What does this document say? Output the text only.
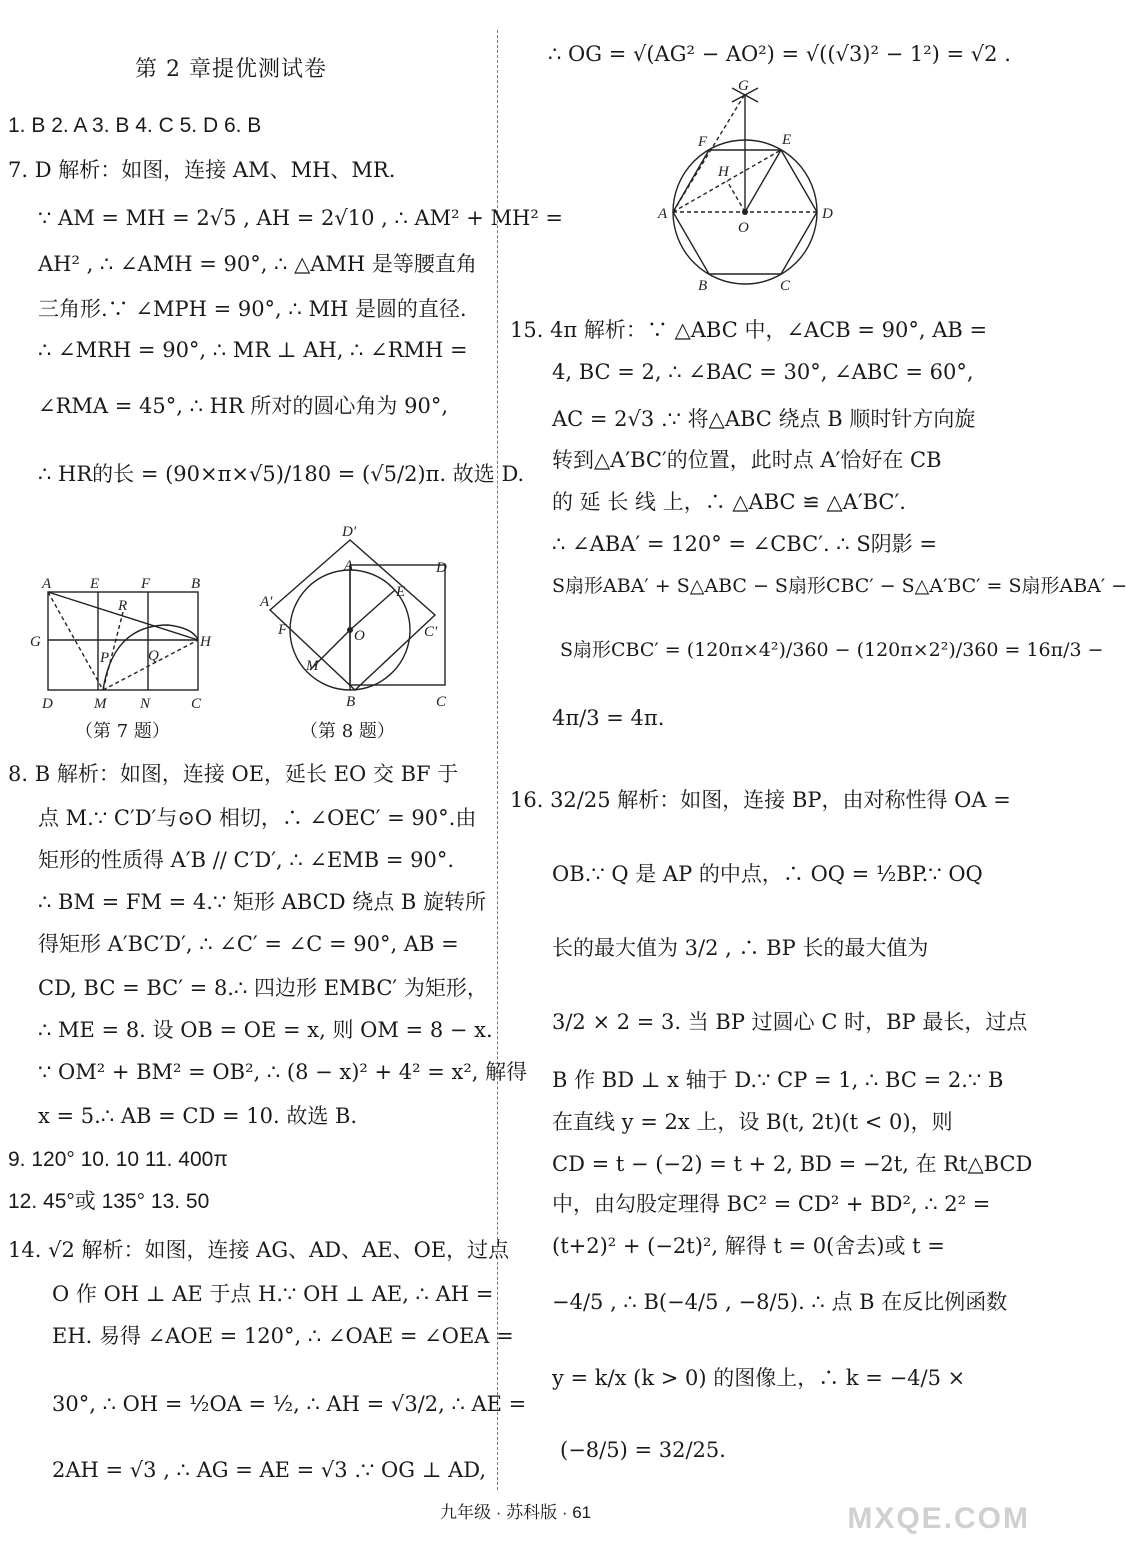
第 2 章提优测试卷
1. B 2. A 3. B 4. C 5. D 6. B
7. D 解析：如图，连接 AM、MH、MR.
∵ AM = MH = 2√5 , AH = 2√10 , ∴ AM² + MH² =
AH² , ∴ ∠AMH = 90°, ∴ △AMH 是等腰直角
三角形.∵ ∠MPH = 90°, ∴ MH 是圆的直径.
∴ ∠MRH = 90°, ∴ MR ⊥ AH, ∴ ∠RMH =
∠RMA = 45°, ∴ HR 所对的圆心角为 90°,
∴ HR的长 = (90×π×√5)/180 = (√5/2)π. 故选 D.
A	E	F	B
R
G	H
P	Q
D	M N	C
D′
A	D
A′
E
F	O	C′
M
B	C
（第 7 题）	（第 8 题）
8. B 解析：如图，连接 OE，延长 EO 交 BF 于
点 M.∵ C′D′与⊙O 相切，∴ ∠OEC′ = 90°.由
矩形的性质得 A′B // C′D′, ∴ ∠EMB = 90°.
∴ BM = FM = 4.∵ 矩形 ABCD 绕点 B 旋转所
得矩形 A′BC′D′, ∴ ∠C′ = ∠C = 90°, AB =
CD, BC = BC′ = 8.∴ 四边形 EMBC′ 为矩形，
∴ ME = 8. 设 OB = OE = x, 则 OM = 8 − x.
∵ OM² + BM² = OB², ∴ (8 − x)² + 4² = x², 解得
x = 5.∴ AB = CD = 10. 故选 B.
9. 120° 10. 10 11. 400π
12. 45°或 135° 13. 50
14. √2 解析：如图，连接 AG、AD、AE、OE，过点
O 作 OH ⊥ AE 于点 H.∵ OH ⊥ AE, ∴ AH =
EH. 易得 ∠AOE = 120°, ∴ ∠OAE = ∠OEA =
30°, ∴ OH = ½OA = ½, ∴ AH = √3/2, ∴ AE =
2AH = √3 , ∴ AG = AE = √3 .∵ OG ⊥ AD,
∴ OG = √(AG² − AO²) = √((√3)² − 1²) = √2 .
G
F	E
H
A
O
D
B	C
15. 4π 解析：∵ △ABC 中，∠ACB = 90°, AB =
4, BC = 2, ∴ ∠BAC = 30°, ∠ABC = 60°,
AC = 2√3 .∵ 将△ABC 绕点 B 顺时针方向旋
转到△A′BC′的位置，此时点 A′恰好在 CB
的 延 长 线 上，∴ △ABC ≌ △A′BC′.
∴ ∠ABA′ = 120° = ∠CBC′. ∴ S阴影 =
S扇形ABA′ + S△ABC − S扇形CBC′ − S△A′BC′ = S扇形ABA′ −
S扇形CBC′ = (120π×4²)/360 − (120π×2²)/360 = 16π/3 −
4π/3 = 4π.
16. 32/25 解析：如图，连接 BP，由对称性得 OA =
OB.∵ Q 是 AP 的中点，∴ OQ = ½BP.∵ OQ
长的最大值为 3/2 , ∴ BP 长的最大值为
3/2 × 2 = 3. 当 BP 过圆心 C 时，BP 最长，过点
B 作 BD ⊥ x 轴于 D.∵ CP = 1, ∴ BC = 2.∵ B
在直线 y = 2x 上，设 B(t, 2t)(t < 0)，则
CD = t − (−2) = t + 2, BD = −2t, 在 Rt△BCD
中，由勾股定理得 BC² = CD² + BD², ∴ 2² =
(t+2)² + (−2t)², 解得 t = 0(舍去)或 t =
−4/5 , ∴ B(−4/5 , −8/5). ∴ 点 B 在反比例函数
y = k/x (k > 0) 的图像上，∴ k = −4/5 ×
(−8/5) = 32/25.
九年级 · 苏科版 · 61	MXQE.COM
